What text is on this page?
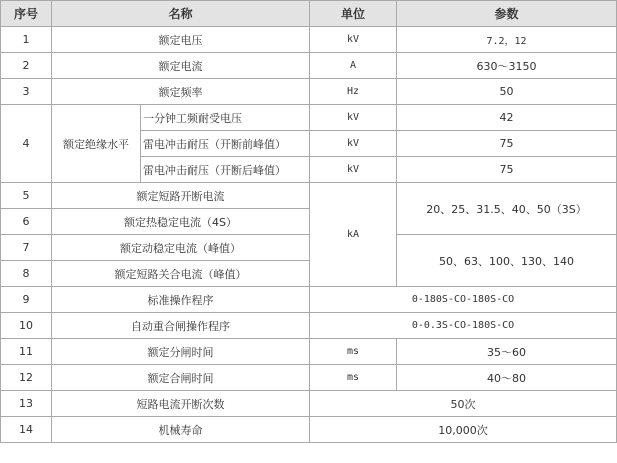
序号	名称		单位	参数
1	额定电压		kV	7.2，12
2	额定电流		A	630～3150
3	额定频率		Hz	50
4	额定绝缘水平	一分钟工频耐受电压	kV	42
		雷电冲击耐压（开断前峰值）	kV	75
		雷电冲击耐压（开断后峰值）	kV	75
5	额定短路开断电流		kA	20、25、31.5、40、50（3S）
6	额定热稳定电流（4S）			
7	额定动稳定电流（峰值）			50、63、100、130、140
8	额定短路关合电流（峰值）			
9	标准操作程序		0-180S-CO-180S-CO	
10	自动重合闸操作程序		0-0.3S-CO-180S-CO	
11	额定分闸时间		ms	35～60
12	额定合闸时间		ms	40～80
13	短路电流开断次数		50次	
14	机械寿命		10,000次	
